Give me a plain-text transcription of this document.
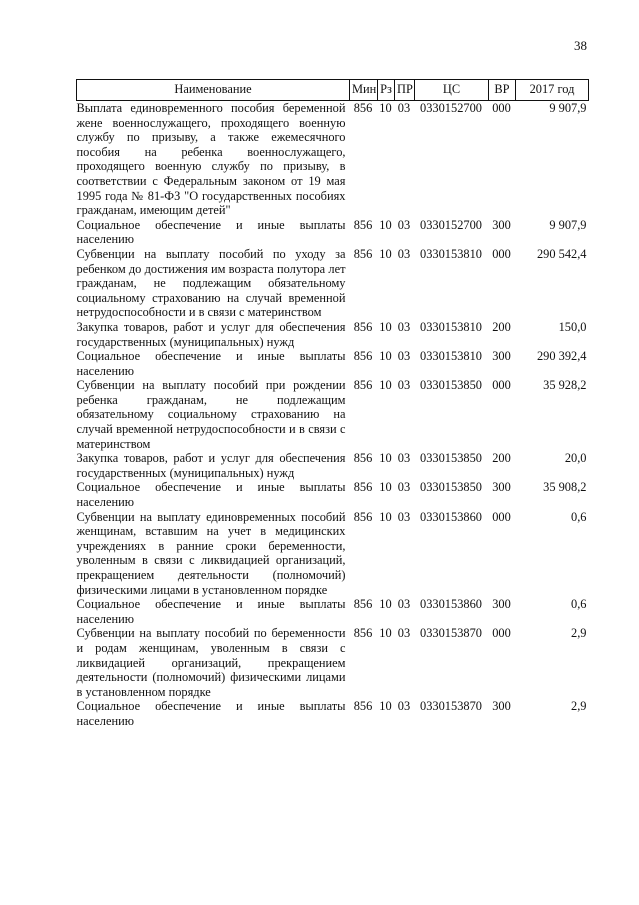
38
Наименование	Мин	Рз	ПР	ЦС	ВР	2017 год
Выплата единовременного пособия беременной жене военнослужащего, проходящего военную службу по призыву, а также ежемесячного пособия на ребенка военнослужащего, проходящего военную службу по призыву, в соответствии с Федеральным законом от 19 мая 1995 года № 81-ФЗ "О государственных пособиях гражданам, имеющим детей"	856	10	03	0330152700	000	9 907,9
Социальное обеспечение и иные выплаты населению	856	10	03	0330152700	300	9 907,9
Субвенции на выплату пособий по уходу за ребенком до достижения им возраста полутора лет гражданам, не подлежащим обязательному социальному страхованию на случай временной нетрудоспособности и в связи с материнством	856	10	03	0330153810	000	290 542,4
Закупка товаров, работ и услуг для обеспечения государственных (муниципальных) нужд	856	10	03	0330153810	200	150,0
Социальное обеспечение и иные выплаты населению	856	10	03	0330153810	300	290 392,4
Субвенции на выплату пособий при рождении ребенка гражданам, не подлежащим обязательному социальному страхованию на случай временной нетрудоспособности и в связи с материнством	856	10	03	0330153850	000	35 928,2
Закупка товаров, работ и услуг для обеспечения государственных (муниципальных) нужд	856	10	03	0330153850	200	20,0
Социальное обеспечение и иные выплаты населению	856	10	03	0330153850	300	35 908,2
Субвенции на выплату единовременных пособий женщинам, вставшим на учет в медицинских учреждениях в ранние сроки беременности, уволенным в связи с ликвидацией организаций, прекращением деятельности (полномочий) физическими лицами в установленном порядке	856	10	03	0330153860	000	0,6
Социальное обеспечение и иные выплаты населению	856	10	03	0330153860	300	0,6
Субвенции на выплату пособий по беременности и родам женщинам, уволенным в связи с ликвидацией организаций, прекращением деятельности (полномочий) физическими лицами в установленном порядке	856	10	03	0330153870	000	2,9
Социальное обеспечение и иные выплаты населению	856	10	03	0330153870	300	2,9
